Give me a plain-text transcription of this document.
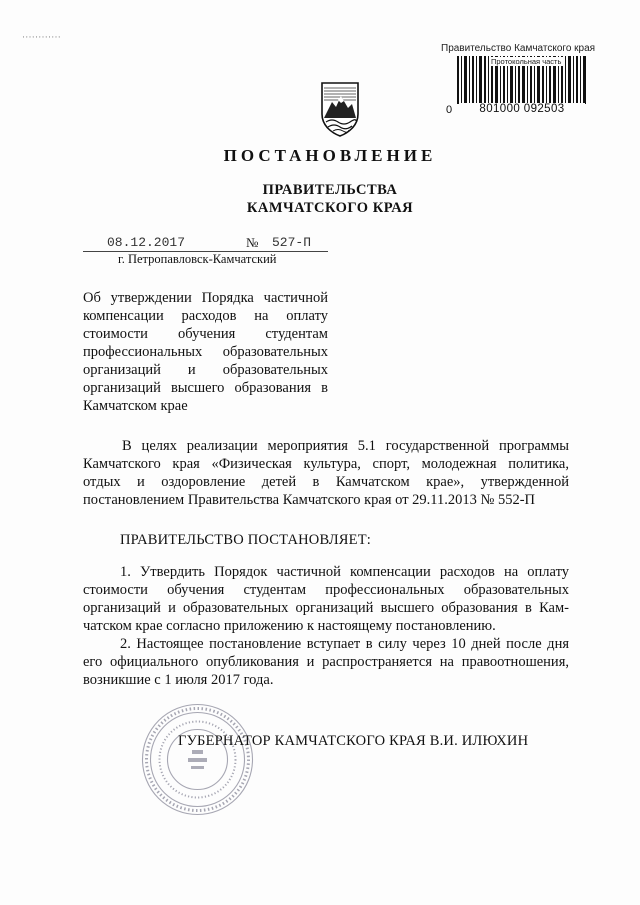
· · · · · · · · · · · ·
Правительство Камчатского края
Протокольная часть
0	801000 092503
ПОСТАНОВЛЕНИЕ
ПРАВИТЕЛЬСТВА
КАМЧАТСКОГО КРАЯ
08.12.2017	№ 527-П
г. Петропавловск-Камчатский
Об утверждении Порядка частичной
компенсации расходов на оплату
стоимости обучения студентам
профессиональных образовательных
организаций и образовательных
организаций высшего образования в
Камчатском крае
В целях реализации мероприятия 5.1 государственной программы
Камчатского края «Физическая культура, спорт, молодежная политика,
отдых и оздоровление детей в Камчатском крае», утвержденной
постановлением Правительства Камчатского края от 29.11.2013 № 552-П
ПРАВИТЕЛЬСТВО ПОСТАНОВЛЯЕТ:
1. Утвердить Порядок частичной компенсации расходов на оплату
стоимости обучения студентам профессиональных образовательных
организаций и образовательных организаций высшего образования в Кам-
чатском крае согласно приложению к настоящему постановлению.
2. Настоящее постановление вступает в силу через 10 дней после дня
его официального опубликования и распространяется на правоотношения,
возникшие с 1 июля 2017 года.
ГУБЕРНАТОР КАМЧАТСКОГО КРАЯ В.И. ИЛЮХИН
